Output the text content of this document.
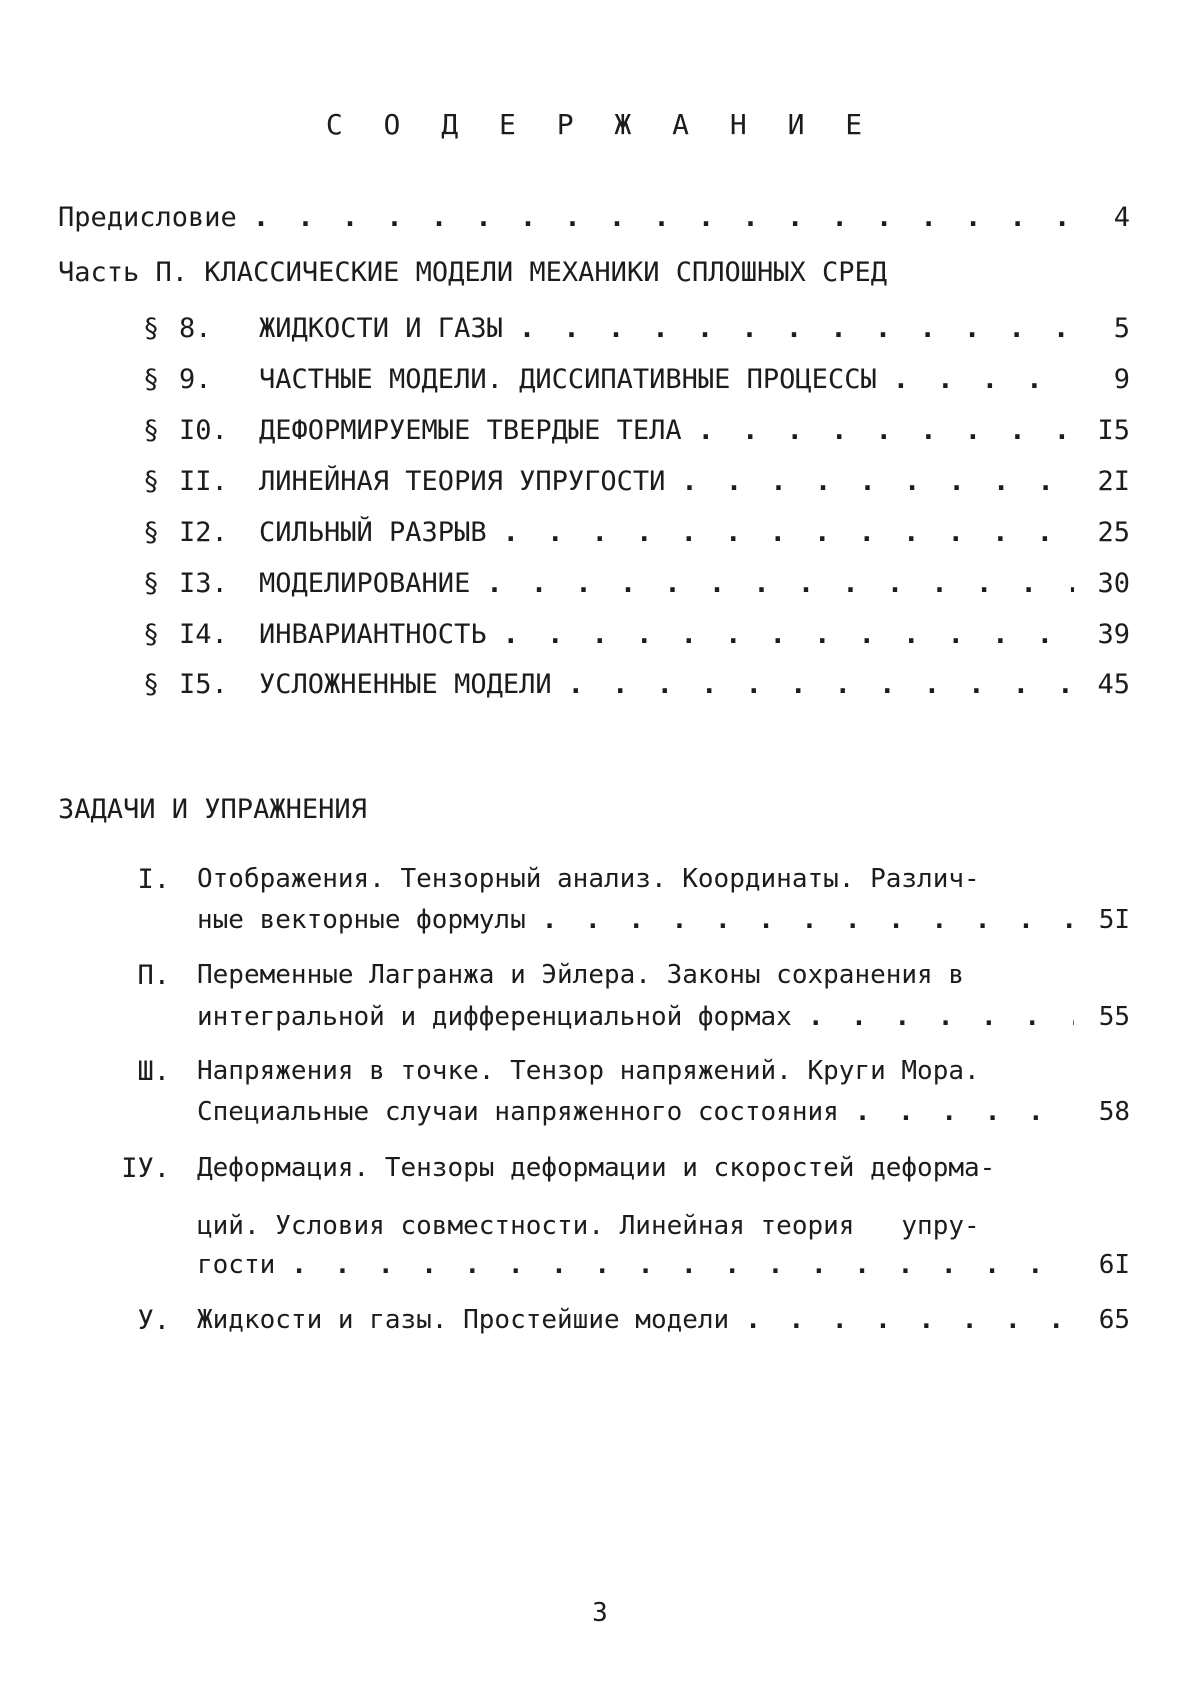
С О Д Е Р Ж А Н И Е
Предисловие . . .	4
Часть П. КЛАССИЧЕСКИЕ МОДЕЛИ МЕХАНИКИ СПЛОШНЫХ СРЕД
§ 8.	ЖИДКОСТИ И ГАЗЫ . . .	5
§ 9.	ЧАСТНЫЕ МОДЕЛИ. ДИССИПАТИВНЫЕ ПРОЦЕССЫ . . .	9
§ I0.	ДЕФОРМИРУЕМЫЕ ТВЕРДЫЕ ТЕЛА . . .	I5
§ II.	ЛИНЕЙНАЯ ТЕОРИЯ УПРУГОСТИ . . .	2I
§ I2.	СИЛЬНЫЙ РАЗРЫВ . . .	25
§ I3.	МОДЕЛИРОВАНИЕ . . .	30
§ I4.	ИНВАРИАНТНОСТЬ . . .	39
§ I5.	УСЛОЖНЕННЫЕ МОДЕЛИ . . .	45
ЗАДАЧИ И УПРАЖНЕНИЯ
I. Отображения. Тензорный анализ. Координаты. Различ-
ные векторные формулы . . .	5I
П. Переменные Лагранжа и Эйлера. Законы сохранения в
интегральной и дифференциальной формах . . .	55
Ш. Напряжения в точке. Тензор напряжений. Круги Мора.
Специальные случаи напряженного состояния . . .	58
IУ. Деформация. Тензоры деформации и скоростей деформа-
ций. Условия совместности. Линейная теория   упру-
гости . . .	6I
У. Жидкости и газы. Простейшие модели . . .	65
3
